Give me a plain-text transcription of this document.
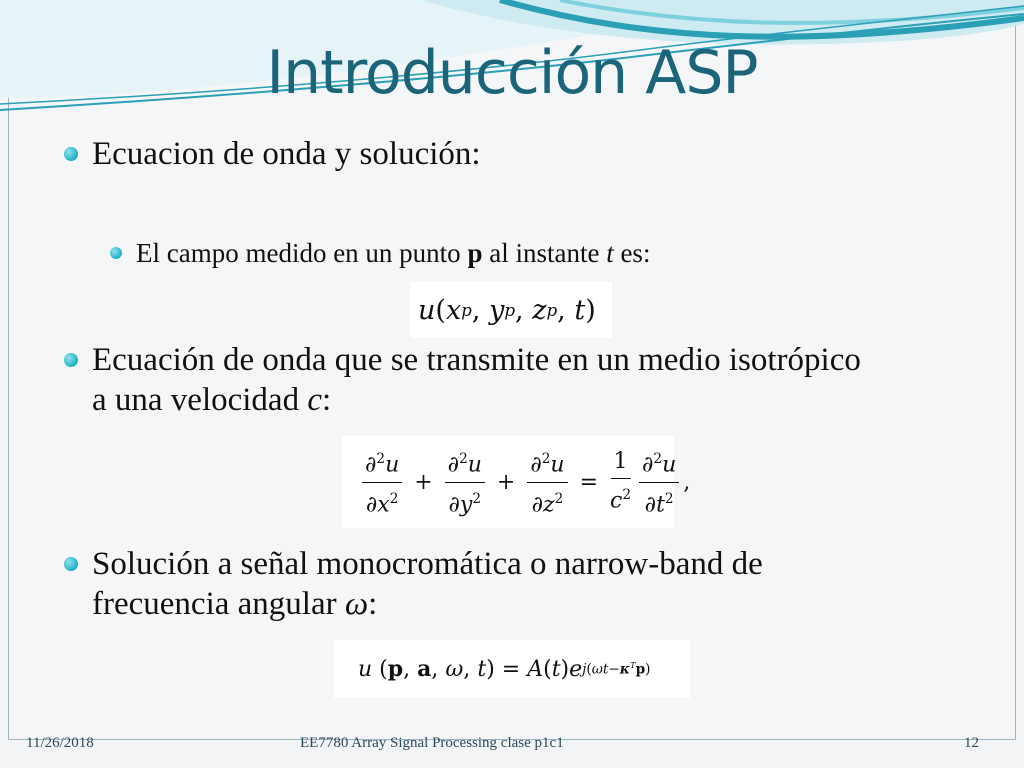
Introducción ASP
Ecuacion de onda y solución:
El campo medido en un punto p al instante t es:
u ( x p , y p , z p , t )
Ecuación de onda que se transmite en un medio isotrópico
a una velocidad c:
$\frac{\partial^2u}{\partial x^2} + \frac{\partial^2u}{\partial y^2} + \frac{\partial^2u}{\partial z^2} = \frac{1}{c^2} \frac{\partial^2u}{\partial t^2}$ ,
Solución a señal monocromática o narrow-band de
frecuencia angular ω:
u ( p , a , ω , t ) = A ( t ) e $j(\omega t-\kappa^Tp)$
11/26/2018	EE7780 Array Signal Processing clase p1c1	12
